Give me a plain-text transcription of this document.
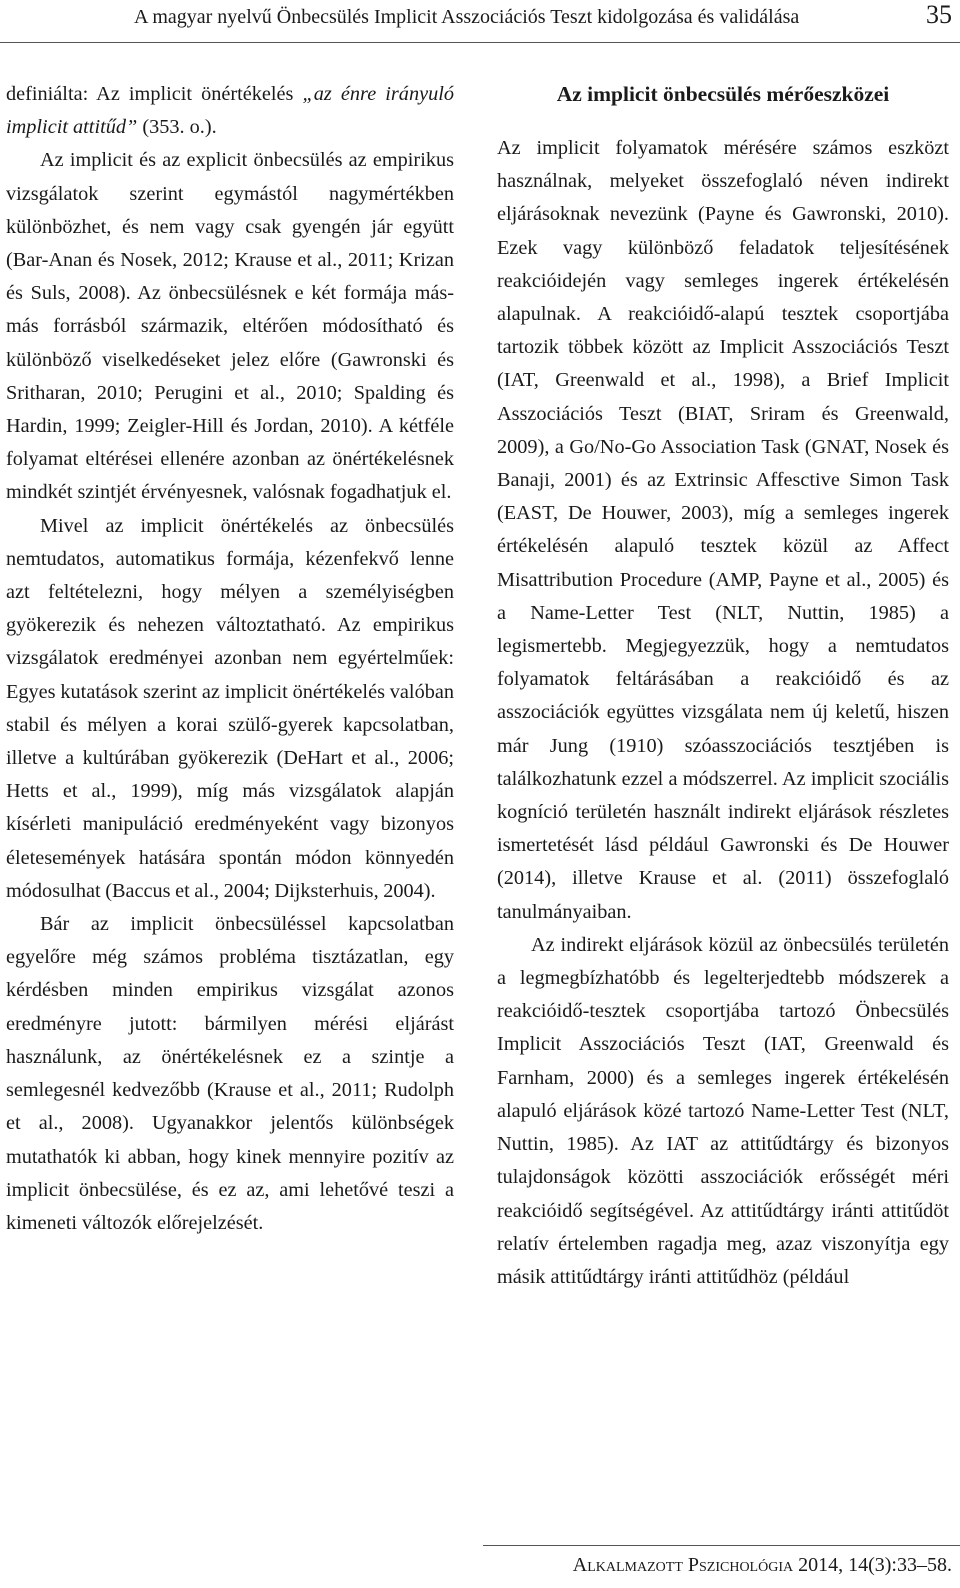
A magyar nyelvű Önbecsülés Implicit Asszociációs Teszt kidolgozása és validálása	35

definiálta: Az implicit önértékelés „az énre irányuló implicit attitűd” (353. o.).

Az implicit és az explicit önbecsülés az empirikus vizsgálatok szerint egymástól nagymértékben különbözhet, és nem vagy csak gyengén jár együtt (Bar-Anan és Nosek, 2012; Krause et al., 2011; Krizan és Suls, 2008). Az önbecsülésnek e két formája más-más forrásból származik, eltérően módosítható és különböző viselkedéseket jelez előre (Gawronski és Sritharan, 2010; Perugini et al., 2010; Spalding és Hardin, 1999; Zeigler-Hill és Jordan, 2010). A kétféle folyamat eltérései ellenére azonban az önértékelésnek mindkét szintjét érvényesnek, valósnak fogadhatjuk el.

Mivel az implicit önértékelés az önbecsülés nemtudatos, automatikus formája, kézenfekvő lenne azt feltételezni, hogy mélyen a személyiségben gyökerezik és nehezen változtatható. Az empirikus vizsgálatok eredményei azonban nem egyértelműek: Egyes kutatások szerint az implicit önértékelés valóban stabil és mélyen a korai szülő-gyerek kapcsolatban, illetve a kultúrában gyökerezik (DeHart et al., 2006; Hetts et al., 1999), míg más vizsgálatok alapján kísérleti manipuláció eredményeként vagy bizonyos életesemények hatására spontán módon könnyedén módosulhat (Baccus et al., 2004; Dijksterhuis, 2004).

Bár az implicit önbecsüléssel kapcsolatban egyelőre még számos probléma tisztázatlan, egy kérdésben minden empirikus vizsgálat azonos eredményre jutott: bármilyen mérési eljárást használunk, az önértékelésnek ez a szintje a semlegesnél kedvezőbb (Krause et al., 2011; Rudolph et al., 2008). Ugyanakkor jelentős különbségek mutathatók ki abban, hogy kinek mennyire pozitív az implicit önbecsülése, és ez az, ami lehetővé teszi a kimeneti változók előrejelzését.

Az implicit önbecsülés mérőeszközei

Az implicit folyamatok mérésére számos eszközt használnak, melyeket összefoglaló néven indirekt eljárásoknak nevezünk (Payne és Gawronski, 2010). Ezek vagy különböző feladatok teljesítésének reakcióidején vagy semleges ingerek értékelésén alapulnak. A reakcióidő-alapú tesztek csoportjába tartozik többek között az Implicit Asszociációs Teszt (IAT, Greenwald et al., 1998), a Brief Implicit Asszociációs Teszt (BIAT, Sriram és Greenwald, 2009), a Go/No-Go Association Task (GNAT, Nosek és Banaji, 2001) és az Extrinsic Affesctive Simon Task (EAST, De Houwer, 2003), míg a semleges ingerek értékelésén alapuló tesztek közül az Affect Misattribution Procedure (AMP, Payne et al., 2005) és a Name-Letter Test (NLT, Nuttin, 1985) a legismertebb. Megjegyezzük, hogy a nemtudatos folyamatok feltárásában a reakcióidő és az asszociációk együttes vizsgálata nem új keletű, hiszen már Jung (1910) szóasszociációs tesztjében is találkozhatunk ezzel a módszerrel. Az implicit szociális kogníció területén használt indirekt eljárások részletes ismertetését lásd például Gawronski és De Houwer (2014), illetve Krause et al. (2011) összefoglaló tanulmányaiban.

Az indirekt eljárások közül az önbecsülés területén a legmegbízhatóbb és legelterjedtebb módszerek a reakcióidő-tesztek csoportjába tartozó Önbecsülés Implicit Asszociációs Teszt (IAT, Greenwald és Farnham, 2000) és a semleges ingerek értékelésén alapuló eljárások közé tartozó Name-Letter Test (NLT, Nuttin, 1985). Az IAT az attitűdtárgy és bizonyos tulajdonságok közötti asszociációk erősségét méri reakcióidő segítségével. Az attitűdtárgy iránti attitűdöt relatív értelemben ragadja meg, azaz viszonyítja egy másik attitűdtárgy iránti attitűdhöz (például

Alkalmazott Pszichológia 2014, 14(3):33–58.
